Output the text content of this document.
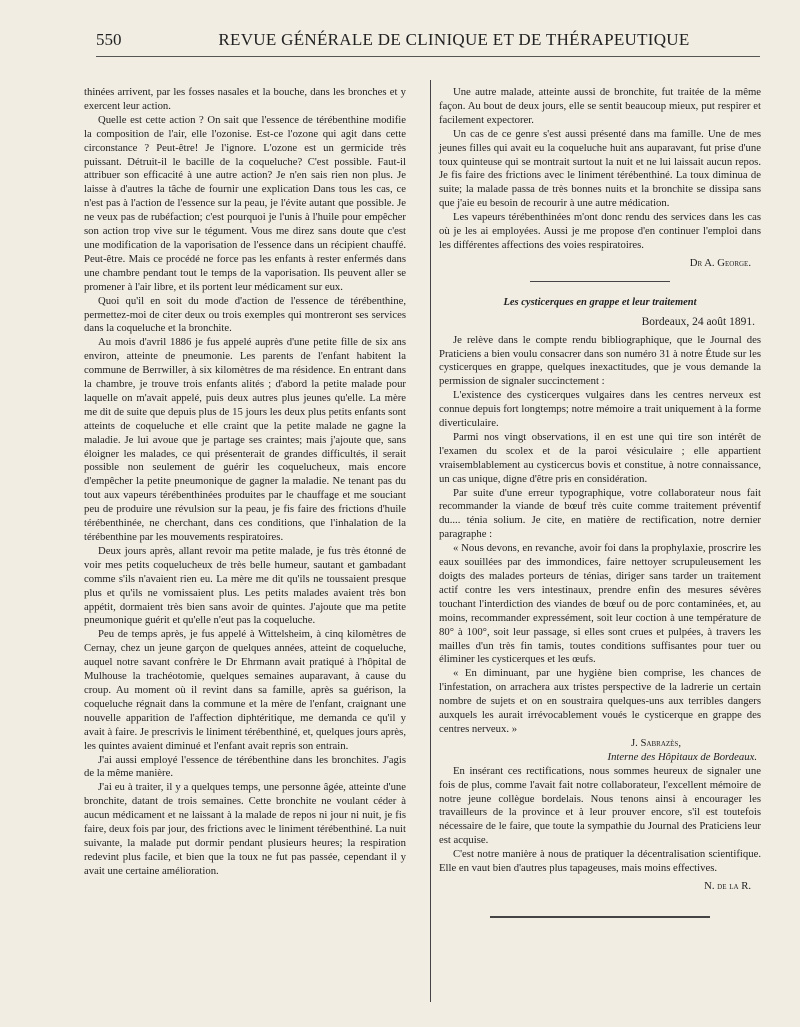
550	REVUE GÉNÉRALE DE CLINIQUE ET DE THÉRAPEUTIQUE

thinées arrivent, par les fosses nasales et la bouche, dans les bronches et y exercent leur action.

Quelle est cette action ? On sait que l'essence de térébenthine modifie la composition de l'air, elle l'ozonise. Est-ce l'ozone qui agit dans cette circonstance ? Peut-être! Je l'ignore. L'ozone est un germicide très puissant. Détruit-il le bacille de la coqueluche? C'est possible. Faut-il attribuer son efficacité à une autre action? Je n'en sais rien non plus. Je laisse à d'autres la tâche de fournir une explication Dans tous les cas, ce n'est pas à l'action de l'essence sur la peau, je l'évite autant que possible. Je ne veux pas de rubéfaction; c'est pourquoi je l'unis à l'huile pour empêcher son action trop vive sur le tégument. Vous me direz sans doute que c'est une modification de la vaporisation de l'essence dans un récipient chauffé. Peut-être. Mais ce procédé ne force pas les enfants à rester enfermés dans une chambre pendant tout le temps de la vaporisation. Ils peuvent aller se promener à l'air libre, et ils portent leur médicament sur eux.

Quoi qu'il en soit du mode d'action de l'essence de térébenthine, permettez-moi de citer deux ou trois exemples qui montreront ses services dans la coqueluche et la bronchite.

Au mois d'avril 1886 je fus appelé auprès d'une petite fille de six ans environ, atteinte de pneumonie. Les parents de l'enfant habitent la commune de Berrwiller, à six kilomètres de ma résidence. En entrant dans la chambre, je trouve trois enfants alités ; d'abord la petite malade pour laquelle on m'avait appelé, puis deux autres plus jeunes qu'elle. La mère me dit de suite que depuis plus de 15 jours les deux plus petits enfants sont atteints de coqueluche et elle craint que la petite malade ne gagne la maladie. Je lui avoue que je partage ses craintes; mais j'ajoute que, sans éloigner les malades, ce qui présenterait de grandes difficultés, il serait possible non seulement de guérir les coquelucheux, mais encore d'empêcher la petite pneumonique de gagner la maladie. Ne tenant pas du tout aux vapeurs térébenthinées produites par le chauffage et me souciant peu de produire une révulsion sur la peau, je fis faire des frictions d'huile térébenthinée, ne cherchant, dans ces conditions, que l'inhalation de la térébenthine par les mouvements respiratoires.

Deux jours après, allant revoir ma petite malade, je fus très étonné de voir mes petits coquelucheux de très belle humeur, sautant et gambadant comme s'ils n'avaient rien eu. La mère me dit qu'ils ne toussaient presque plus et qu'ils ne vomissaient plus. Les petits malades avaient très bon appétit, dormaient très bien sans avoir de quintes. J'ajoute que ma petite pneumonique guérit et qu'elle n'eut pas la coqueluche.

Peu de temps après, je fus appelé à Wittelsheim, à cinq kilomètres de Cernay, chez un jeune garçon de quelques années, atteint de coqueluche, auquel notre savant confrère le Dr Ehrmann avait pratiqué à l'hôpital de Mulhouse la trachéotomie, quelques semaines auparavant, à cause du croup. Au moment où il revint dans sa famille, après sa guérison, la coqueluche régnait dans la commune et la mère de l'enfant, craignant une nouvelle apparition de l'affection diphtéritique, me demanda ce qu'il y avait à faire. Je prescrivis le liniment térébenthiné, et, quelques jours après, les quintes avaient diminué et l'enfant avait repris son entrain.

J'ai aussi employé l'essence de térébenthine dans les bronchites. J'agis de la même manière.

J'ai eu à traiter, il y a quelques temps, une personne âgée, atteinte d'une bronchite, datant de trois semaines. Cette bronchite ne voulant céder à aucun médicament et ne laissant à la malade de repos ni jour ni nuit, je fis faire, deux fois par jour, des frictions avec le liniment térébenthiné. La nuit suivante, la malade put dormir pendant plusieurs heures; la respiration redevint plus facile, et bien que la toux ne fut pas passée, cependant il y avait une certaine amélioration.

Une autre malade, atteinte aussi de bronchite, fut traitée de la même façon. Au bout de deux jours, elle se sentit beaucoup mieux, put respirer et facilement expectorer.

Un cas de ce genre s'est aussi présenté dans ma famille. Une de mes jeunes filles qui avait eu la coqueluche huit ans auparavant, fut prise d'une toux quinteuse qui se montrait surtout la nuit et ne lui laissait aucun repos. Je fis faire des frictions avec le liniment térébenthiné. La toux diminua de suite; la malade passa de très bonnes nuits et la bronchite se dissipa sans que j'aie eu besoin de recourir à une autre médication.

Les vapeurs térébenthinées m'ont donc rendu des services dans les cas où je les ai employées. Aussi je me propose d'en continuer l'emploi dans les différentes affections des voies respiratoires.

Dr A. George.
Les cysticerques en grappe et leur traitement
Bordeaux, 24 août 1891.

Je relève dans le compte rendu bibliographique, que le Journal des Praticiens a bien voulu consacrer dans son numéro 31 à notre Étude sur les cysticerques en grappe, quelques inexactitudes, que je vous demande la permission de signaler succinctement :

L'existence des cysticerques vulgaires dans les centres nerveux est connue depuis fort longtemps; notre mémoire a trait uniquement à la forme diverticulaire.

Parmi nos vingt observations, il en est une qui tire son intérêt de l'examen du scolex et de la paroi vésiculaire ; elle appartient vraisemblablement au cysticercus bovis et constitue, à notre connaissance, un cas unique, digne d'être pris en considération.

Par suite d'une erreur typographique, votre collaborateur nous fait recommander la viande de bœuf très cuite comme traitement préventif du.... ténia solium. Je cite, en matière de rectification, notre dernier paragraphe :

« Nous devons, en revanche, avoir foi dans la prophylaxie, proscrire les eaux souillées par des immondices, faire nettoyer scrupuleusement les doigts des malades porteurs de ténias, diriger sans tarder un traitement actif contre les vers intestinaux, prendre enfin des mesures sévères touchant l'interdiction des viandes de bœuf ou de porc contaminées, et, au moins, recommander expressément, soit leur coction à une température de 80° à 100°, soit leur passage, si elles sont crues et pulpées, à travers les mailles d'un très fin tamis, toutes conditions suffisantes pour tuer ou éliminer les cysticerques et les œufs.

« En diminuant, par une hygiène bien comprise, les chances de l'infestation, on arrachera aux tristes perspective de la ladrerie un certain nombre de sujets et on en soustraira quelques-uns aux terribles dangers auxquels les aurait irrévocablement voués le cysticerque en grappe des centres nerveux. »

J. Sabrazès,
Interne des Hôpitaux de Bordeaux.

En insérant ces rectifications, nous sommes heureux de signaler une fois de plus, comme l'avait fait notre collaborateur, l'excellent mémoire de notre jeune collègue bordelais. Nous tenons ainsi à encourager les travailleurs de la province et à leur prouver encore, s'il est toutefois nécessaire de le faire, que toute la sympathie du Journal des Praticiens leur est acquise.

C'est notre manière à nous de pratiquer la décentralisation scientifique. Elle en vaut bien d'autres plus tapageuses, mais moins effectives.

N. de la R.
